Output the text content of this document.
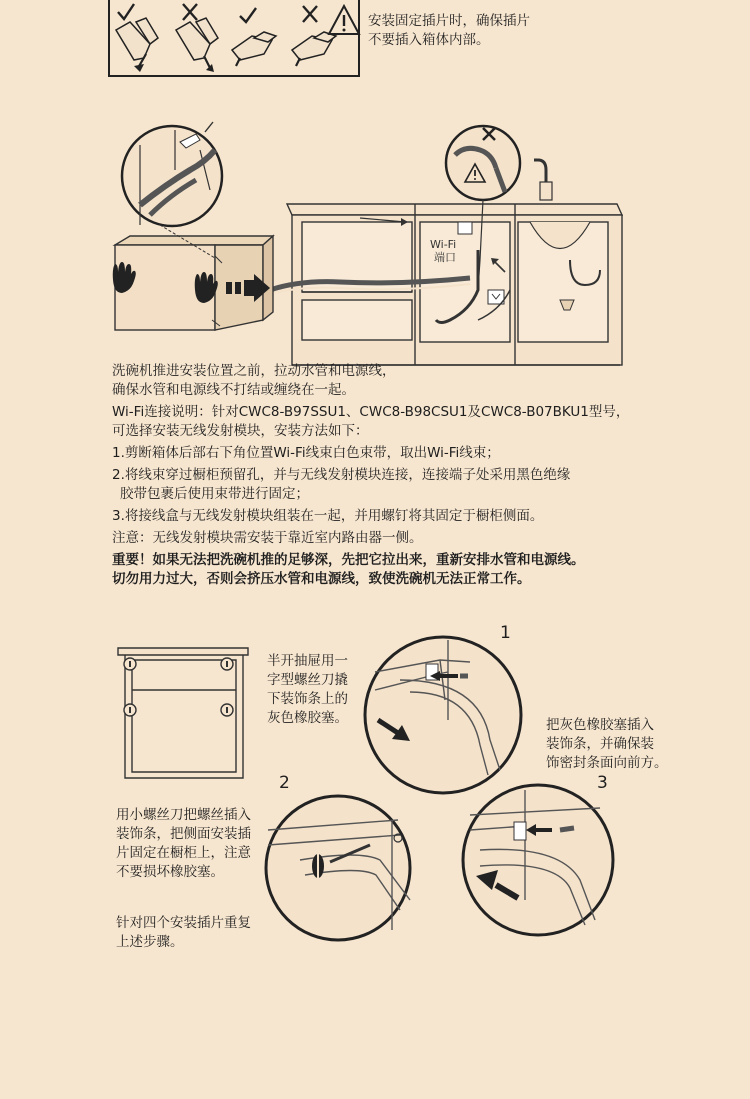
安装固定插片时，确保插片
不要插入箱体内部。
Wi-Fi
端口

洗碗机推进安装位置之前，拉动水管和电源线，

确保水管和电源线不打结或缠绕在一起。

Wi-Fi连接说明：针对CWC8-B97SSU1、CWC8-B98CSU1及CWC8-B07BKU1型号，

可选择安装无线发射模块，安装方法如下：

1.剪断箱体后部右下角位置Wi-Fi线束白色束带，取出Wi-Fi线束；

2.将线束穿过橱柜预留孔，并与无线发射模块连接，连接端子处采用黑色绝缘

胶带包裹后使用束带进行固定；

3.将接线盒与无线发射模块组装在一起，并用螺钉将其固定于橱柜侧面。

注意：无线发射模块需安装于靠近室内路由器一侧。

重要！如果无法把洗碗机推的足够深，先把它拉出来，重新安排水管和电源线。

切勿用力过大，否则会挤压水管和电源线，致使洗碗机无法正常工作。

1
2	3
半开抽屉用一
字型螺丝刀撬
下装饰条上的
灰色橡胶塞。	把灰色橡胶塞插入
装饰条，并确保装
饰密封条面向前方。
用小螺丝刀把螺丝插入
装饰条，把侧面安装插
片固定在橱柜上，注意
不要损坏橡胶塞。
针对四个安装插片重复
上述步骤。
